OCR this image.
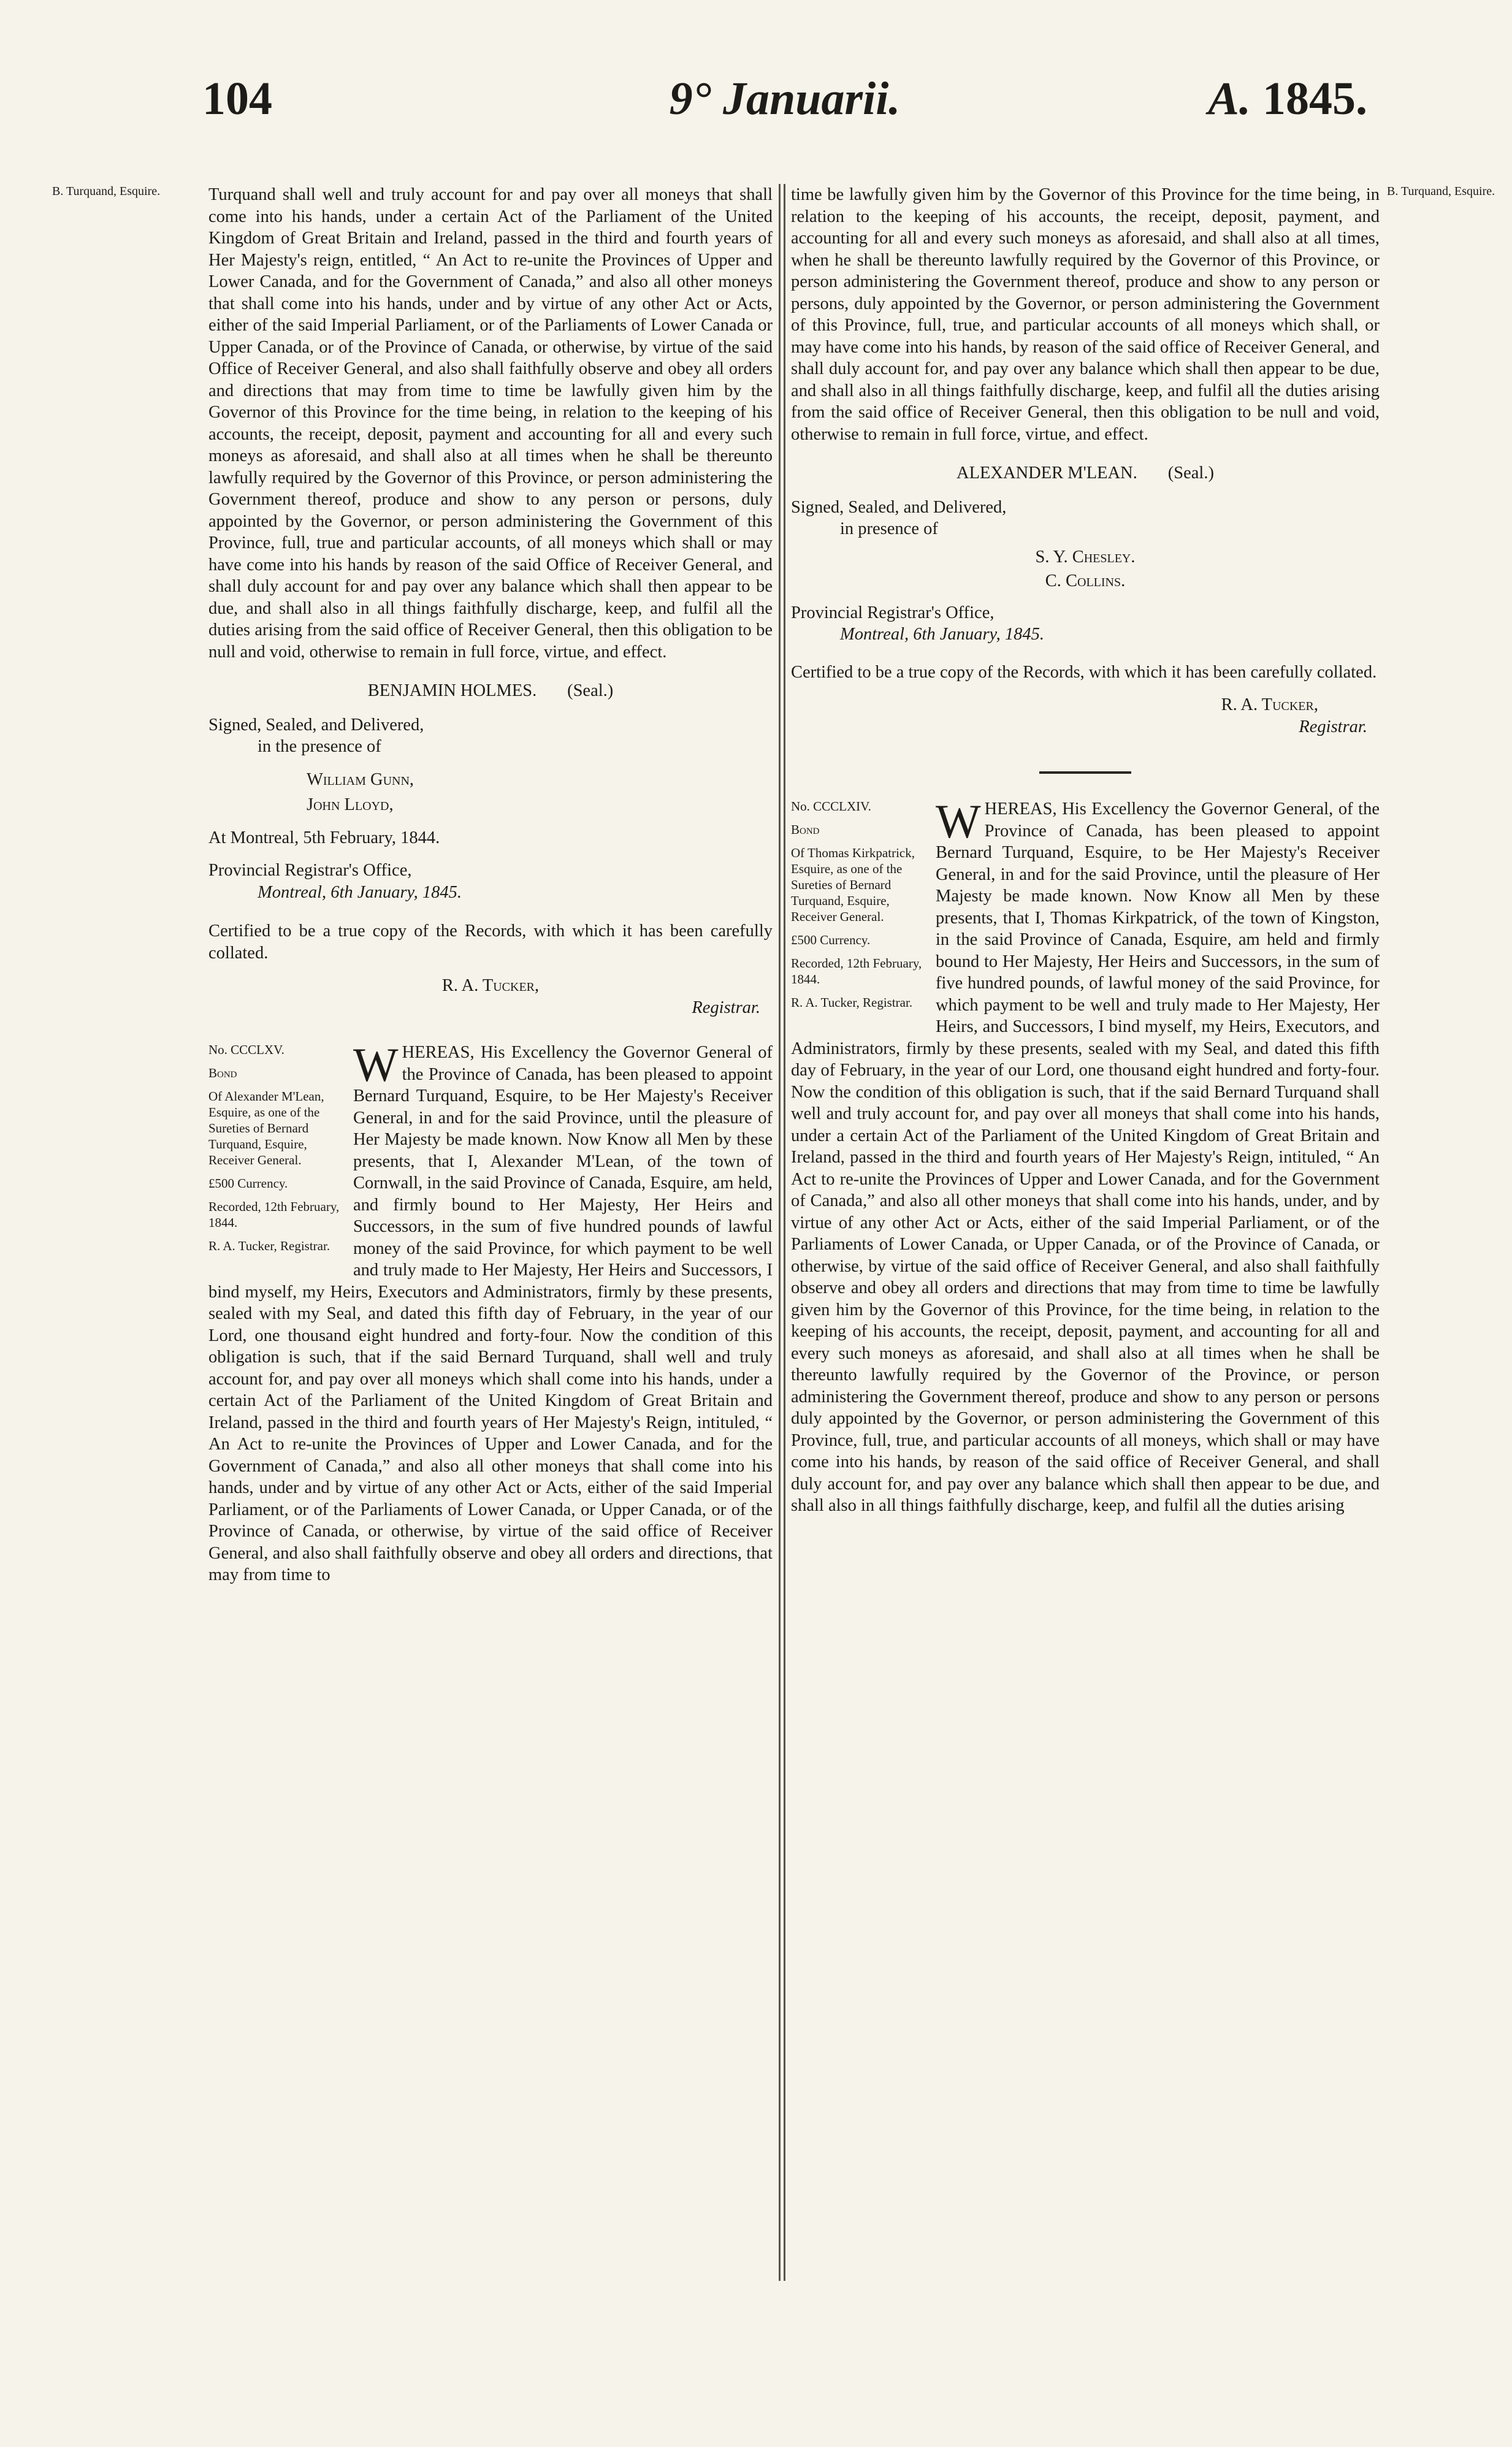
104	9° Januarii.	A. 1845.
B. Turquand, Esquire.	B. Turquand, Esquire.

Turquand shall well and truly account for and pay over all moneys that shall come into his hands, under a certain Act of the Parliament of the United Kingdom of Great Britain and Ireland, passed in the third and fourth years of Her Majesty's reign, entitled, “ An Act to re-unite the Provinces of Upper and Lower Canada, and for the Government of Canada,” and also all other moneys that shall come into his hands, under and by virtue of any other Act or Acts, either of the said Imperial Parliament, or of the Parliaments of Lower Canada or Upper Canada, or of the Province of Canada, or otherwise, by virtue of the said Office of Receiver General, and also shall faithfully observe and obey all orders and directions that may from time to time be lawfully given him by the Governor of this Province for the time being, in relation to the keeping of his accounts, the receipt, deposit, payment and accounting for all and every such moneys as aforesaid, and shall also at all times when he shall be thereunto lawfully required by the Governor of this Province, or person administering the Government thereof, produce and show to any person or persons, duly appointed by the Governor, or person administering the Government of this Province, full, true and particular accounts, of all moneys which shall or may have come into his hands by reason of the said Office of Receiver General, and shall duly account for and pay over any balance which shall then appear to be due, and shall also in all things faithfully discharge, keep, and fulfil all the duties arising from the said office of Receiver General, then this obligation to be null and void, otherwise to remain in full force, virtue, and effect.

BENJAMIN HOLMES. (Seal.)

Signed, Sealed, and Delivered,

in the presence of

William Gunn,

John Lloyd,

At Montreal, 5th February, 1844.

Provincial Registrar's Office,

Montreal, 6th January, 1845.

Certified to be a true copy of the Records, with which it has been carefully collated.

R. A. Tucker,

Registrar.

No. CCCLXV.

Bond

Of Alexander M'Lean, Esquire, as one of the Sureties of Bernard Turquand, Esquire, Receiver General.

£500 Currency.

Recorded, 12th February, 1844.

R. A. Tucker, Registrar.

W HEREAS, His Excellency the Governor General of the Province of Canada, has been pleased to appoint Bernard Turquand, Esquire, to be Her Majesty's Receiver General, in and for the said Province, until the pleasure of Her Majesty be made known. Now Know all Men by these presents, that I, Alexander M'Lean, of the town of Cornwall, in the said Province of Canada, Esquire, am held, and firmly bound to Her Majesty, Her Heirs and Successors, in the sum of five hundred pounds of lawful money of the said Province, for which payment to be well and truly made to Her Majesty, Her Heirs and Successors, I bind myself, my Heirs, Executors and Administrators, firmly by these presents, sealed with my Seal, and dated this fifth day of February, in the year of our Lord, one thousand eight hundred and forty-four. Now the condition of this obligation is such, that if the said Bernard Turquand, shall well and truly account for, and pay over all moneys which shall come into his hands, under a certain Act of the Parliament of the United Kingdom of Great Britain and Ireland, passed in the third and fourth years of Her Majesty's Reign, intituled, “ An Act to re-unite the Provinces of Upper and Lower Canada, and for the Government of Canada,” and also all other moneys that shall come into his hands, under and by virtue of any other Act or Acts, either of the said Imperial Parliament, or of the Parliaments of Lower Canada, or Upper Canada, or of the Province of Canada, or otherwise, by virtue of the said office of Receiver General, and also shall faithfully observe and obey all orders and directions, that may from time to

time be lawfully given him by the Governor of this Province for the time being, in relation to the keeping of his accounts, the receipt, deposit, payment, and accounting for all and every such moneys as aforesaid, and shall also at all times, when he shall be thereunto lawfully required by the Governor of this Province, or person administering the Government thereof, produce and show to any person or persons, duly appointed by the Governor, or person administering the Government of this Province, full, true, and particular accounts of all moneys which shall, or may have come into his hands, by reason of the said office of Receiver General, and shall duly account for, and pay over any balance which shall then appear to be due, and shall also in all things faithfully discharge, keep, and fulfil all the duties arising from the said office of Receiver General, then this obligation to be null and void, otherwise to remain in full force, virtue, and effect.

ALEXANDER M'LEAN. (Seal.)

Signed, Sealed, and Delivered,

in presence of

S. Y. Chesley.

C. Collins.

Provincial Registrar's Office,

Montreal, 6th January, 1845.

Certified to be a true copy of the Records, with which it has been carefully collated.

R. A. Tucker,

Registrar.

No. CCCLXIV.

Bond

Of Thomas Kirkpatrick, Esquire, as one of the Sureties of Bernard Turquand, Esquire, Receiver General.

£500 Currency.

Recorded, 12th February, 1844.

R. A. Tucker, Registrar.

W HEREAS, His Excellency the Governor General, of the Province of Canada, has been pleased to appoint Bernard Turquand, Esquire, to be Her Majesty's Receiver General, in and for the said Province, until the pleasure of Her Majesty be made known. Now Know all Men by these presents, that I, Thomas Kirkpatrick, of the town of Kingston, in the said Province of Canada, Esquire, am held and firmly bound to Her Majesty, Her Heirs and Successors, in the sum of five hundred pounds, of lawful money of the said Province, for which payment to be well and truly made to Her Majesty, Her Heirs, and Successors, I bind myself, my Heirs, Executors, and Administrators, firmly by these presents, sealed with my Seal, and dated this fifth day of February, in the year of our Lord, one thousand eight hundred and forty-four. Now the condition of this obligation is such, that if the said Bernard Turquand shall well and truly account for, and pay over all moneys that shall come into his hands, under a certain Act of the Parliament of the United Kingdom of Great Britain and Ireland, passed in the third and fourth years of Her Majesty's Reign, intituled, “ An Act to re-unite the Provinces of Upper and Lower Canada, and for the Government of Canada,” and also all other moneys that shall come into his hands, under, and by virtue of any other Act or Acts, either of the said Imperial Parliament, or of the Parliaments of Lower Canada, or Upper Canada, or of the Province of Canada, or otherwise, by virtue of the said office of Receiver General, and also shall faithfully observe and obey all orders and directions that may from time to time be lawfully given him by the Governor of this Province, for the time being, in relation to the keeping of his accounts, the receipt, deposit, payment, and accounting for all and every such moneys as aforesaid, and shall also at all times when he shall be thereunto lawfully required by the Governor of the Province, or person administering the Government thereof, produce and show to any person or persons duly appointed by the Governor, or person administering the Government of this Province, full, true, and particular accounts of all moneys, which shall or may have come into his hands, by reason of the said office of Receiver General, and shall duly account for, and pay over any balance which shall then appear to be due, and shall also in all things faithfully discharge, keep, and fulfil all the duties arising
